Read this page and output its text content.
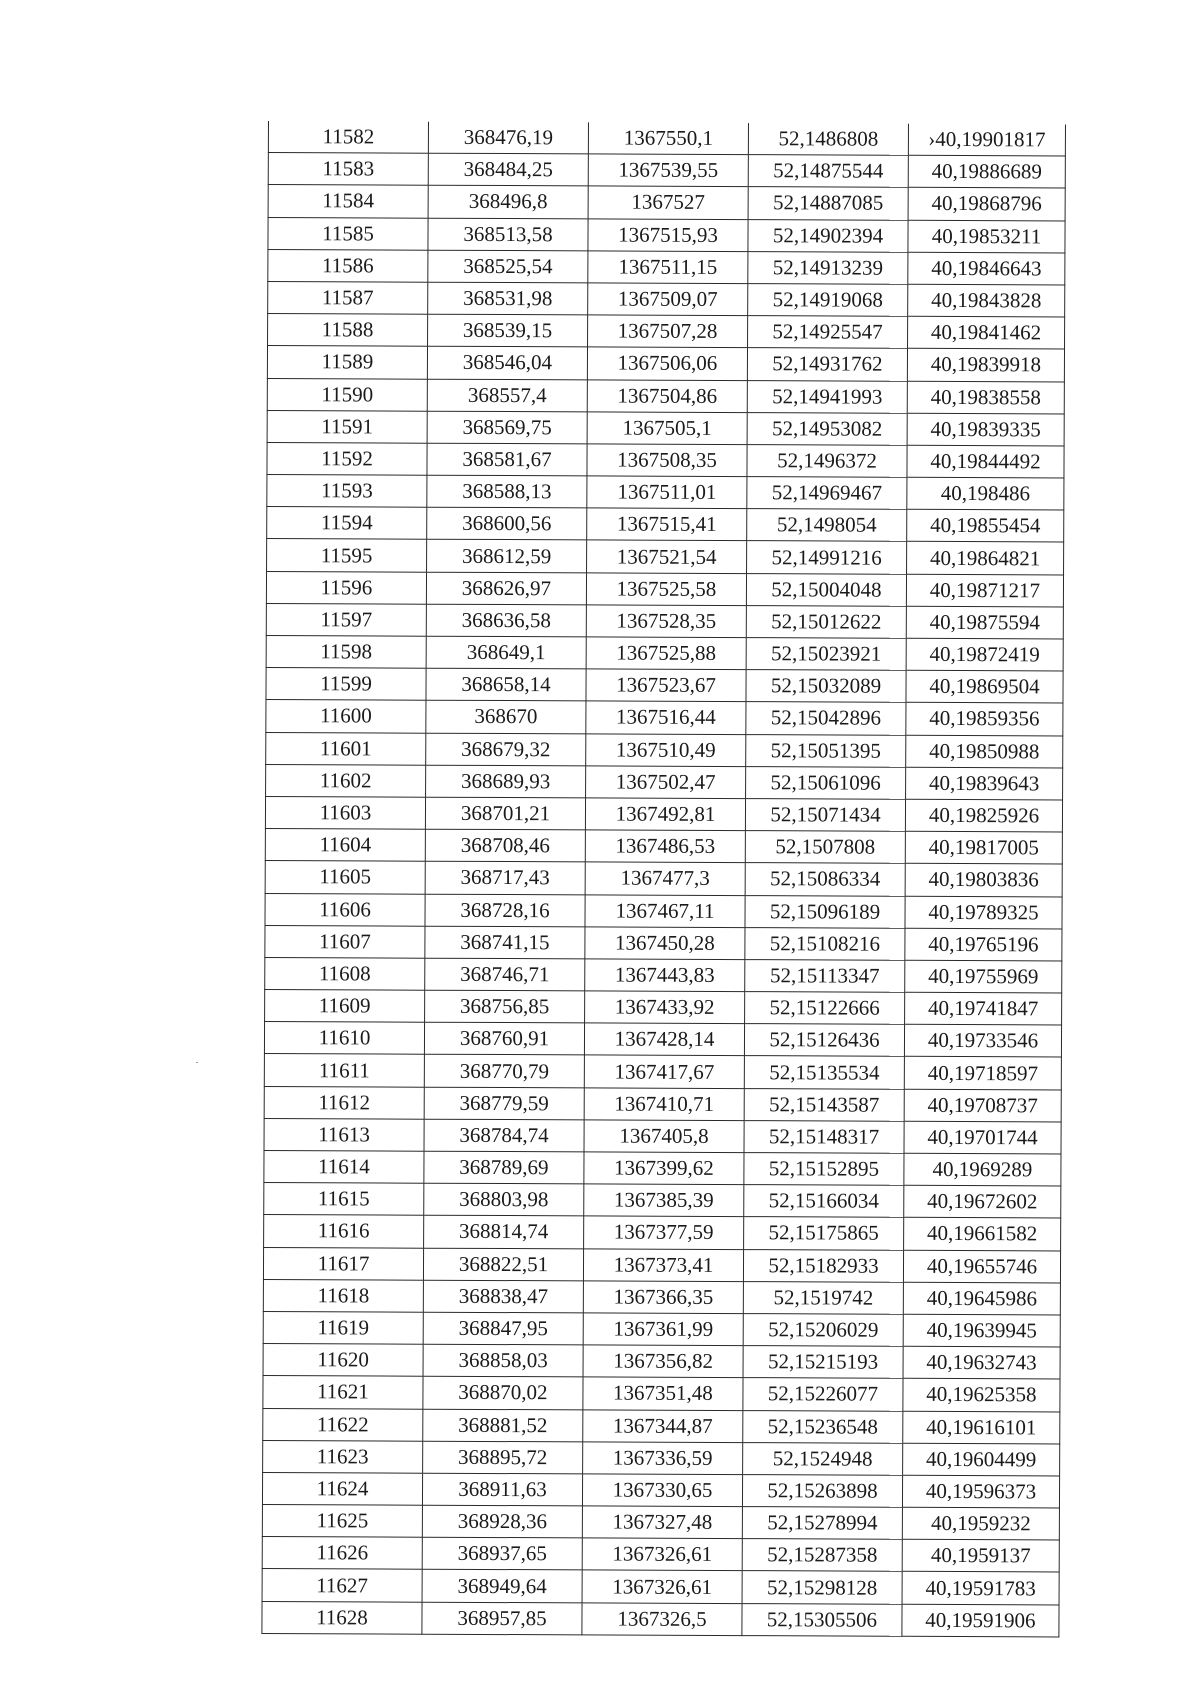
11582	368476,19	1367550,1	52,1486808	›40,19901817
11583	368484,25	1367539,55	52,14875544	40,19886689
11584	368496,8	1367527	52,14887085	40,19868796
11585	368513,58	1367515,93	52,14902394	40,19853211
11586	368525,54	1367511,15	52,14913239	40,19846643
11587	368531,98	1367509,07	52,14919068	40,19843828
11588	368539,15	1367507,28	52,14925547	40,19841462
11589	368546,04	1367506,06	52,14931762	40,19839918
11590	368557,4	1367504,86	52,14941993	40,19838558
11591	368569,75	1367505,1	52,14953082	40,19839335
11592	368581,67	1367508,35	52,1496372	40,19844492
11593	368588,13	1367511,01	52,14969467	40,198486
11594	368600,56	1367515,41	52,1498054	40,19855454
11595	368612,59	1367521,54	52,14991216	40,19864821
11596	368626,97	1367525,58	52,15004048	40,19871217
11597	368636,58	1367528,35	52,15012622	40,19875594
11598	368649,1	1367525,88	52,15023921	40,19872419
11599	368658,14	1367523,67	52,15032089	40,19869504
11600	368670	1367516,44	52,15042896	40,19859356
11601	368679,32	1367510,49	52,15051395	40,19850988
11602	368689,93	1367502,47	52,15061096	40,19839643
11603	368701,21	1367492,81	52,15071434	40,19825926
11604	368708,46	1367486,53	52,1507808	40,19817005
11605	368717,43	1367477,3	52,15086334	40,19803836
11606	368728,16	1367467,11	52,15096189	40,19789325
11607	368741,15	1367450,28	52,15108216	40,19765196
11608	368746,71	1367443,83	52,15113347	40,19755969
11609	368756,85	1367433,92	52,15122666	40,19741847
11610	368760,91	1367428,14	52,15126436	40,19733546
11611	368770,79	1367417,67	52,15135534	40,19718597
11612	368779,59	1367410,71	52,15143587	40,19708737
11613	368784,74	1367405,8	52,15148317	40,19701744
11614	368789,69	1367399,62	52,15152895	40,1969289
11615	368803,98	1367385,39	52,15166034	40,19672602
11616	368814,74	1367377,59	52,15175865	40,19661582
11617	368822,51	1367373,41	52,15182933	40,19655746
11618	368838,47	1367366,35	52,1519742	40,19645986
11619	368847,95	1367361,99	52,15206029	40,19639945
11620	368858,03	1367356,82	52,15215193	40,19632743
11621	368870,02	1367351,48	52,15226077	40,19625358
11622	368881,52	1367344,87	52,15236548	40,19616101
11623	368895,72	1367336,59	52,1524948	40,19604499
11624	368911,63	1367330,65	52,15263898	40,19596373
11625	368928,36	1367327,48	52,15278994	40,1959232
11626	368937,65	1367326,61	52,15287358	40,1959137
11627	368949,64	1367326,61	52,15298128	40,19591783
11628	368957,85	1367326,5	52,15305506	40,19591906
